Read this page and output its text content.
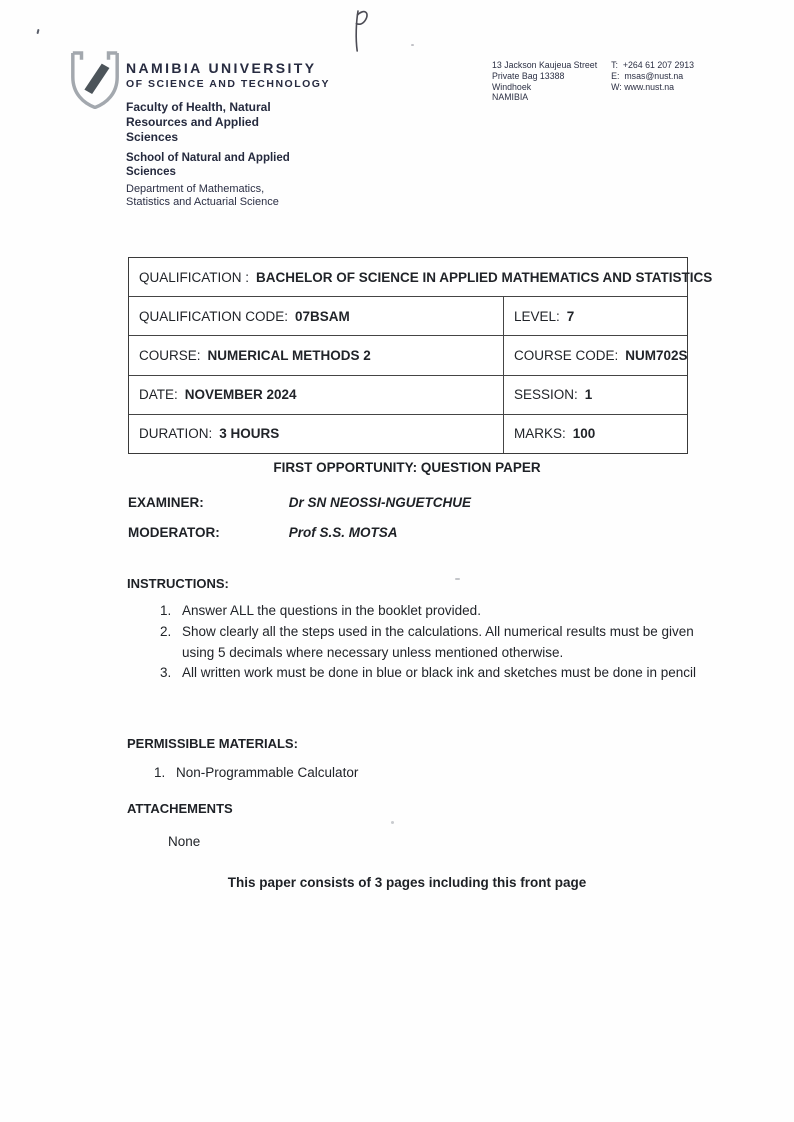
NAMIBIA UNIVERSITY
OF SCIENCE AND TECHNOLOGY
Faculty of Health, Natural
Resources and Applied
Sciences
School of Natural and Applied
Sciences
Department of Mathematics,
Statistics and Actuarial Science
13 Jackson Kaujeua Street
Private Bag 13388
Windhoek
NAMIBIA
T:  +264 61 207 2913
E:  msas@nust.na
W: www.nust.na
QUALIFICATION : BACHELOR OF SCIENCE IN APPLIED MATHEMATICS AND STATISTICS
QUALIFICATION CODE: 07BSAM	LEVEL: 7
COURSE: NUMERICAL METHODS 2	COURSE CODE: NUM702S
DATE: NOVEMBER 2024	SESSION: 1
DURATION: 3 HOURS	MARKS: 100
FIRST OPPORTUNITY: QUESTION PAPER
EXAMINER:	Dr SN NEOSSI-NGUETCHUE
MODERATOR:	Prof S.S. MOTSA
INSTRUCTIONS:
1. Answer ALL the questions in the booklet provided.
2. Show clearly all the steps used in the calculations. All numerical results must be given using 5 decimals where necessary unless mentioned otherwise.
3. All written work must be done in blue or black ink and sketches must be done in pencil
PERMISSIBLE MATERIALS:
1. Non-Programmable Calculator
ATTACHEMENTS
None
This paper consists of 3 pages including this front page
